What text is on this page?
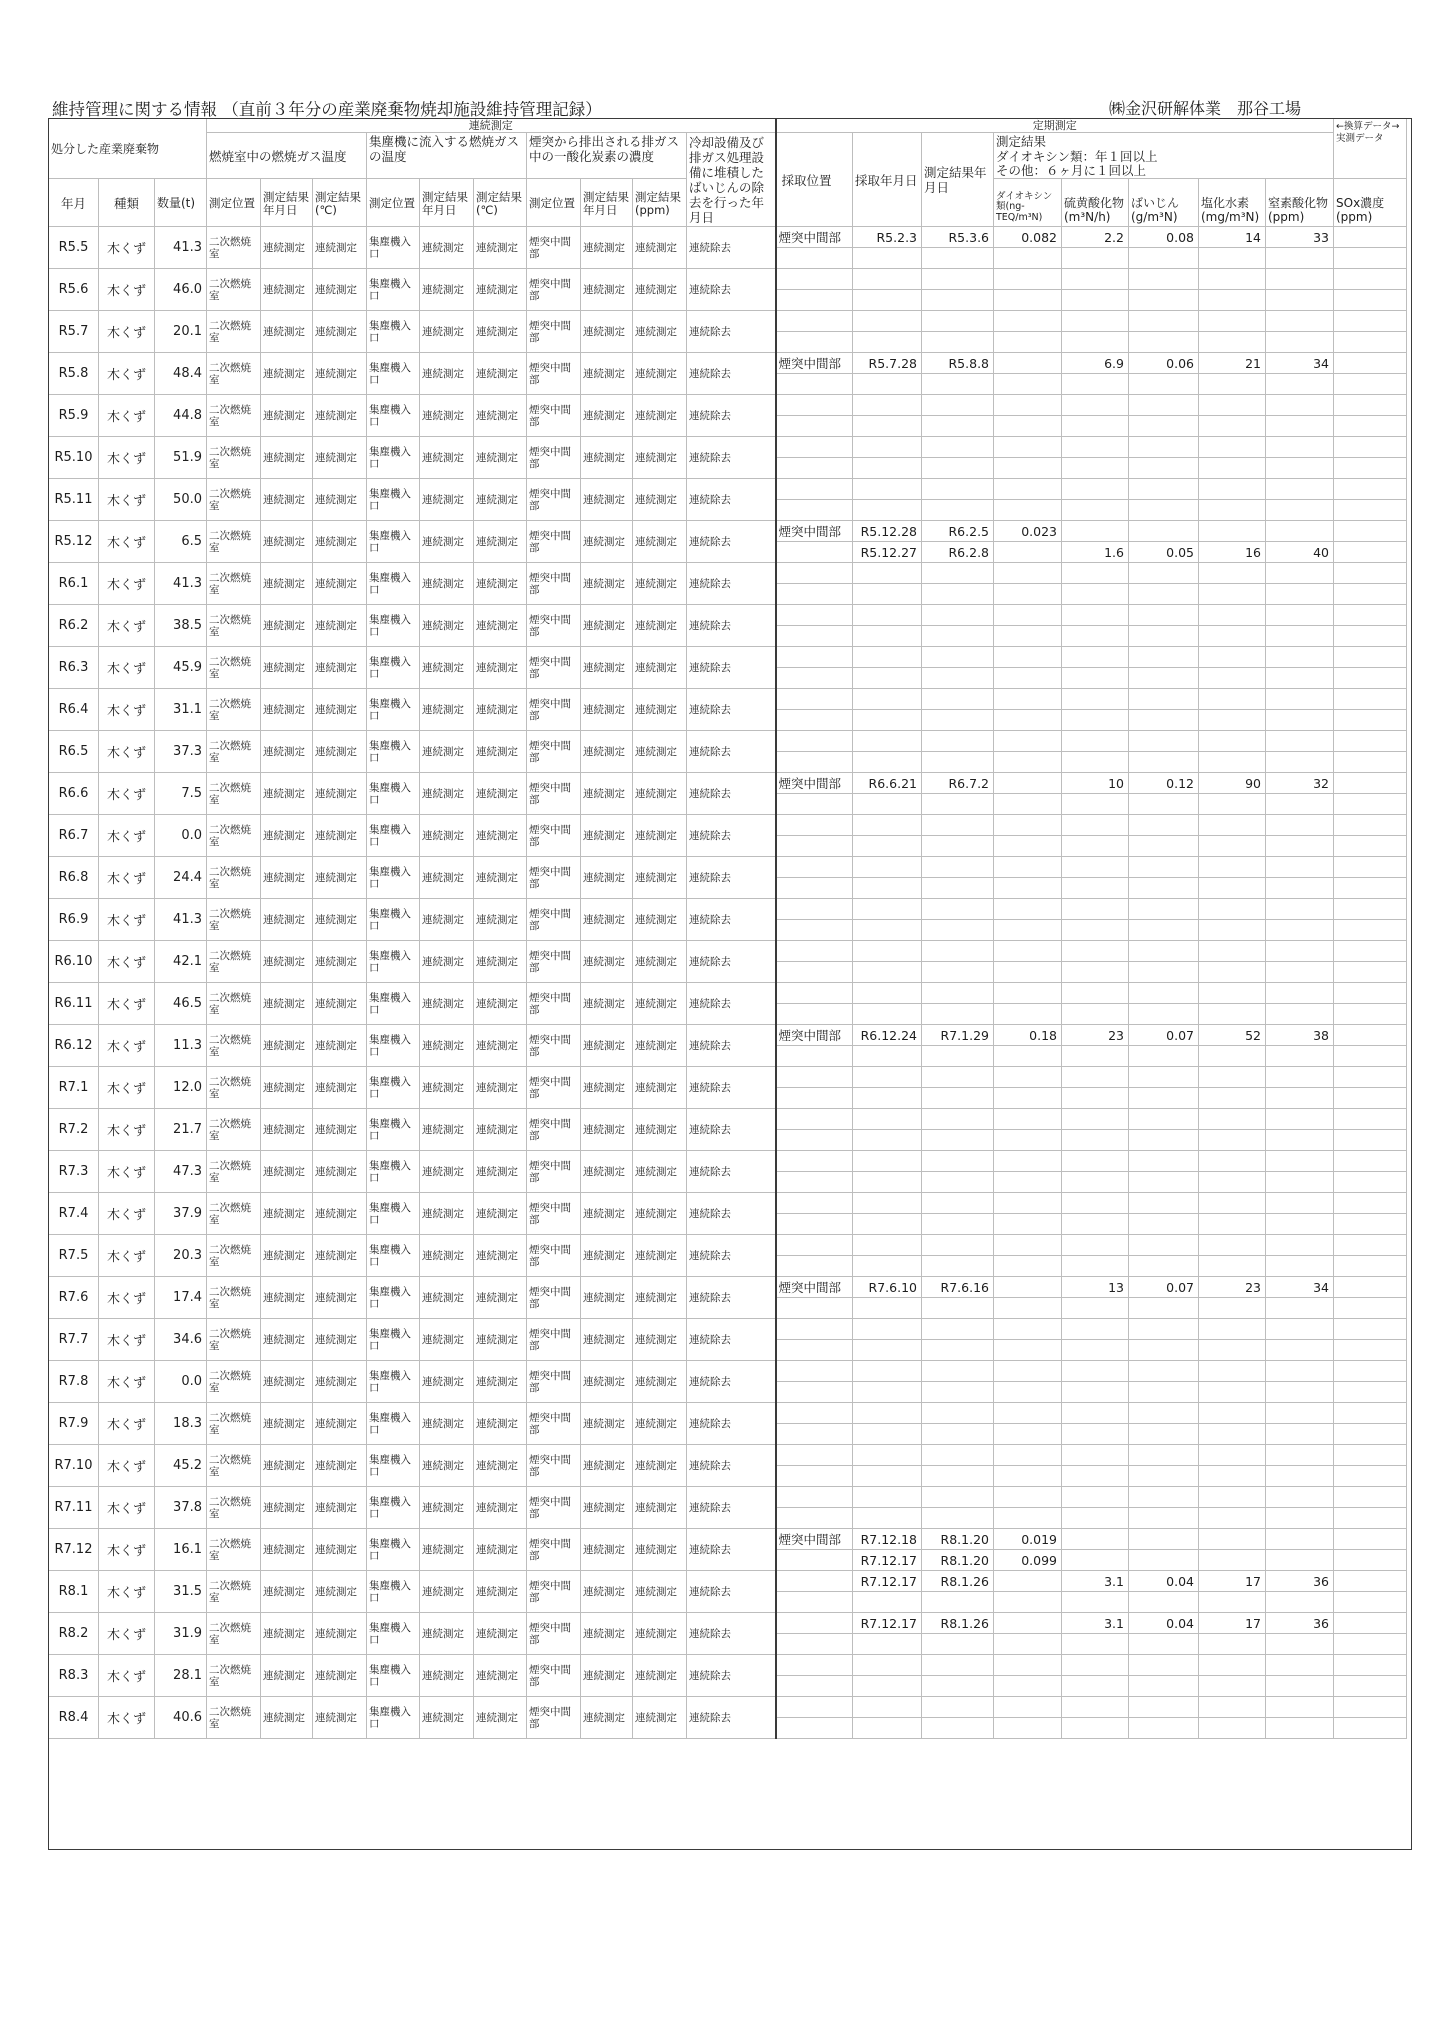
維持管理に関する情報 （直前３年分の産業廃棄物焼却施設維持管理記録）	㈱金沢研解体業　那谷工場
処分した産業廃棄物			連続測定										定期測定								←換算データ→実測データ
			燃焼室中の燃焼ガス温度			集塵機に流入する燃焼ガスの温度			煙突から排出される排ガス中の一酸化炭素の濃度			冷却設備及び排ガス処理設備に堆積したばいじんの除去を行った年月日	採取位置	採取年月日	測定結果年月日	測定結果
ダイオキシン類：年１回以上
その他：６ヶ月に１回以上					

年月	種類	数量(t)	測定位置	測定結果年月日	測定結果(℃)	測定位置	測定結果年月日	測定結果(℃)	測定位置	測定結果年月日	測定結果(ppm)					ダイオキシン類(ng-TEQ/m³N)	硫黄酸化物(m³N/h)	ばいじん(g/m³N)	塩化水素(mg/m³N)	窒素酸化物 (ppm)	SOx濃度(ppm)
R5.5	木くず	41.3	二次燃焼室	連続測定	連続測定	集塵機入口	連続測定	連続測定	煙突中間部	連続測定	連続測定	連続除去	煙突中間部	R5.2.3	R5.3.6	0.082	2.2	0.08	14	33	

R5.6	木くず	46.0	二次燃焼室	連続測定	連続測定	集塵機入口	連続測定	連続測定	煙突中間部	連続測定	連続測定	連続除去									

R5.7	木くず	20.1	二次燃焼室	連続測定	連続測定	集塵機入口	連続測定	連続測定	煙突中間部	連続測定	連続測定	連続除去									

R5.8	木くず	48.4	二次燃焼室	連続測定	連続測定	集塵機入口	連続測定	連続測定	煙突中間部	連続測定	連続測定	連続除去	煙突中間部	R5.7.28	R5.8.8		6.9	0.06	21	34	

R5.9	木くず	44.8	二次燃焼室	連続測定	連続測定	集塵機入口	連続測定	連続測定	煙突中間部	連続測定	連続測定	連続除去									

R5.10	木くず	51.9	二次燃焼室	連続測定	連続測定	集塵機入口	連続測定	連続測定	煙突中間部	連続測定	連続測定	連続除去									

R5.11	木くず	50.0	二次燃焼室	連続測定	連続測定	集塵機入口	連続測定	連続測定	煙突中間部	連続測定	連続測定	連続除去									

R5.12	木くず	6.5	二次燃焼室	連続測定	連続測定	集塵機入口	連続測定	連続測定	煙突中間部	連続測定	連続測定	連続除去	煙突中間部	R5.12.28	R6.2.5	0.023					
														R5.12.27	R6.2.8		1.6	0.05	16	40	
R6.1	木くず	41.3	二次燃焼室	連続測定	連続測定	集塵機入口	連続測定	連続測定	煙突中間部	連続測定	連続測定	連続除去									

R6.2	木くず	38.5	二次燃焼室	連続測定	連続測定	集塵機入口	連続測定	連続測定	煙突中間部	連続測定	連続測定	連続除去									

R6.3	木くず	45.9	二次燃焼室	連続測定	連続測定	集塵機入口	連続測定	連続測定	煙突中間部	連続測定	連続測定	連続除去									

R6.4	木くず	31.1	二次燃焼室	連続測定	連続測定	集塵機入口	連続測定	連続測定	煙突中間部	連続測定	連続測定	連続除去									

R6.5	木くず	37.3	二次燃焼室	連続測定	連続測定	集塵機入口	連続測定	連続測定	煙突中間部	連続測定	連続測定	連続除去									

R6.6	木くず	7.5	二次燃焼室	連続測定	連続測定	集塵機入口	連続測定	連続測定	煙突中間部	連続測定	連続測定	連続除去	煙突中間部	R6.6.21	R6.7.2		10	0.12	90	32	

R6.7	木くず	0.0	二次燃焼室	連続測定	連続測定	集塵機入口	連続測定	連続測定	煙突中間部	連続測定	連続測定	連続除去									

R6.8	木くず	24.4	二次燃焼室	連続測定	連続測定	集塵機入口	連続測定	連続測定	煙突中間部	連続測定	連続測定	連続除去									

R6.9	木くず	41.3	二次燃焼室	連続測定	連続測定	集塵機入口	連続測定	連続測定	煙突中間部	連続測定	連続測定	連続除去									

R6.10	木くず	42.1	二次燃焼室	連続測定	連続測定	集塵機入口	連続測定	連続測定	煙突中間部	連続測定	連続測定	連続除去									

R6.11	木くず	46.5	二次燃焼室	連続測定	連続測定	集塵機入口	連続測定	連続測定	煙突中間部	連続測定	連続測定	連続除去									

R6.12	木くず	11.3	二次燃焼室	連続測定	連続測定	集塵機入口	連続測定	連続測定	煙突中間部	連続測定	連続測定	連続除去	煙突中間部	R6.12.24	R7.1.29	0.18	23	0.07	52	38	

R7.1	木くず	12.0	二次燃焼室	連続測定	連続測定	集塵機入口	連続測定	連続測定	煙突中間部	連続測定	連続測定	連続除去									

R7.2	木くず	21.7	二次燃焼室	連続測定	連続測定	集塵機入口	連続測定	連続測定	煙突中間部	連続測定	連続測定	連続除去									

R7.3	木くず	47.3	二次燃焼室	連続測定	連続測定	集塵機入口	連続測定	連続測定	煙突中間部	連続測定	連続測定	連続除去									

R7.4	木くず	37.9	二次燃焼室	連続測定	連続測定	集塵機入口	連続測定	連続測定	煙突中間部	連続測定	連続測定	連続除去									

R7.5	木くず	20.3	二次燃焼室	連続測定	連続測定	集塵機入口	連続測定	連続測定	煙突中間部	連続測定	連続測定	連続除去									

R7.6	木くず	17.4	二次燃焼室	連続測定	連続測定	集塵機入口	連続測定	連続測定	煙突中間部	連続測定	連続測定	連続除去	煙突中間部	R7.6.10	R7.6.16		13	0.07	23	34	

R7.7	木くず	34.6	二次燃焼室	連続測定	連続測定	集塵機入口	連続測定	連続測定	煙突中間部	連続測定	連続測定	連続除去									

R7.8	木くず	0.0	二次燃焼室	連続測定	連続測定	集塵機入口	連続測定	連続測定	煙突中間部	連続測定	連続測定	連続除去									

R7.9	木くず	18.3	二次燃焼室	連続測定	連続測定	集塵機入口	連続測定	連続測定	煙突中間部	連続測定	連続測定	連続除去									

R7.10	木くず	45.2	二次燃焼室	連続測定	連続測定	集塵機入口	連続測定	連続測定	煙突中間部	連続測定	連続測定	連続除去									

R7.11	木くず	37.8	二次燃焼室	連続測定	連続測定	集塵機入口	連続測定	連続測定	煙突中間部	連続測定	連続測定	連続除去									

R7.12	木くず	16.1	二次燃焼室	連続測定	連続測定	集塵機入口	連続測定	連続測定	煙突中間部	連続測定	連続測定	連続除去	煙突中間部	R7.12.18	R8.1.20	0.019					
														R7.12.17	R8.1.20	0.099					
R8.1	木くず	31.5	二次燃焼室	連続測定	連続測定	集塵機入口	連続測定	連続測定	煙突中間部	連続測定	連続測定	連続除去		R7.12.17	R8.1.26		3.1	0.04	17	36	

R8.2	木くず	31.9	二次燃焼室	連続測定	連続測定	集塵機入口	連続測定	連続測定	煙突中間部	連続測定	連続測定	連続除去		R7.12.17	R8.1.26		3.1	0.04	17	36	

R8.3	木くず	28.1	二次燃焼室	連続測定	連続測定	集塵機入口	連続測定	連続測定	煙突中間部	連続測定	連続測定	連続除去									

R8.4	木くず	40.6	二次燃焼室	連続測定	連続測定	集塵機入口	連続測定	連続測定	煙突中間部	連続測定	連続測定	連続除去									
